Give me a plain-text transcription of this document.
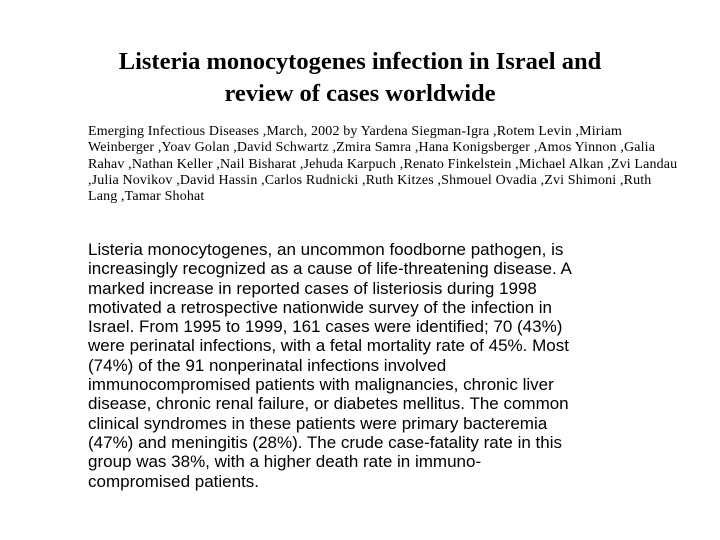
Listeria monocytogenes infection in Israel and
review of cases worldwide

Emerging Infectious Diseases ,March, 2002 by Yardena Siegman-Igra ,Rotem Levin ,Miriam Weinberger ,Yoav Golan ,David Schwartz ,Zmira Samra ,Hana Konigsberger ,Amos Yinnon ,Galia Rahav ,Nathan Keller ,Nail Bisharat ,Jehuda Karpuch ,Renato Finkelstein ,Michael Alkan ,Zvi Landau ,Julia Novikov ,David Hassin ,Carlos Rudnicki ,Ruth Kitzes ,Shmouel Ovadia ,Zvi Shimoni ,Ruth Lang ,Tamar Shohat

Listeria monocytogenes, an uncommon foodborne pathogen, is
increasingly recognized as a cause of life-threatening disease. A
marked increase in reported cases of listeriosis during 1998
motivated a retrospective nationwide survey of the infection in
Israel. From 1995 to 1999, 161 cases were identified; 70 (43%)
were perinatal infections, with a fetal mortality rate of 45%. Most
(74%) of the 91 nonperinatal infections involved
immunocompromised patients with malignancies, chronic liver
disease, chronic renal failure, or diabetes mellitus. The common
clinical syndromes in these patients were primary bacteremia
(47%) and meningitis (28%). The crude case-fatality rate in this
group was 38%, with a higher death rate in immuno-
compromised patients.
